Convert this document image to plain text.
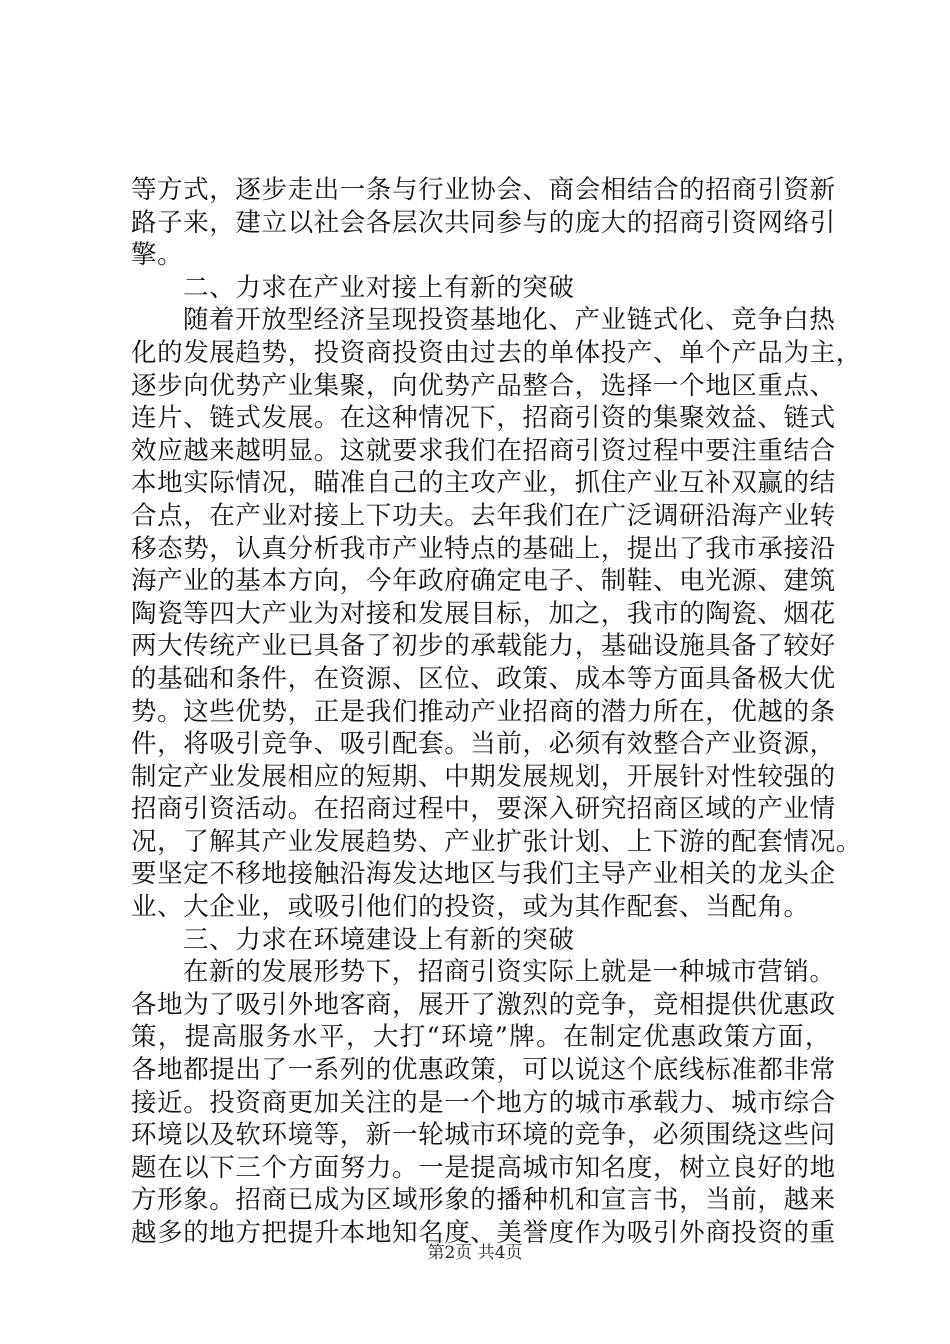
等方式，逐步走出一条与行业协会、商会相结合的招商引资新
路子来，建立以社会各层次共同参与的庞大的招商引资网络引
擎。
二、力求在产业对接上有新的突破
随着开放型经济呈现投资基地化、产业链式化、竞争白热
化的发展趋势，投资商投资由过去的单体投产、单个产品为主，
逐步向优势产业集聚，向优势产品整合，选择一个地区重点、
连片、链式发展。在这种情况下，招商引资的集聚效益、链式
效应越来越明显。这就要求我们在招商引资过程中要注重结合
本地实际情况，瞄准自己的主攻产业，抓住产业互补双赢的结
合点，在产业对接上下功夫。去年我们在广泛调研沿海产业转
移态势，认真分析我市产业特点的基础上，提出了我市承接沿
海产业的基本方向，今年政府确定电子、制鞋、电光源、建筑
陶瓷等四大产业为对接和发展目标，加之，我市的陶瓷、烟花
两大传统产业已具备了初步的承载能力，基础设施具备了较好
的基础和条件，在资源、区位、政策、成本等方面具备极大优
势。这些优势，正是我们推动产业招商的潜力所在，优越的条
件，将吸引竞争、吸引配套。当前，必须有效整合产业资源，
制定产业发展相应的短期、中期发展规划，开展针对性较强的
招商引资活动。在招商过程中，要深入研究招商区域的产业情
况，了解其产业发展趋势、产业扩张计划、上下游的配套情况。
要坚定不移地接触沿海发达地区与我们主导产业相关的龙头企
业、大企业，或吸引他们的投资，或为其作配套、当配角。
三、力求在环境建设上有新的突破
在新的发展形势下，招商引资实际上就是一种城市营销。
各地为了吸引外地客商，展开了激烈的竞争，竞相提供优惠政
策，提高服务水平，大打“环境”牌。在制定优惠政策方面，
各地都提出了一系列的优惠政策，可以说这个底线标准都非常
接近。投资商更加关注的是一个地方的城市承载力、城市综合
环境以及软环境等，新一轮城市环境的竞争，必须围绕这些问
题在以下三个方面努力。一是提高城市知名度，树立良好的地
方形象。招商已成为区域形象的播种机和宣言书，当前，越来
越多的地方把提升本地知名度、美誉度作为吸引外商投资的重
第2页 共4页
